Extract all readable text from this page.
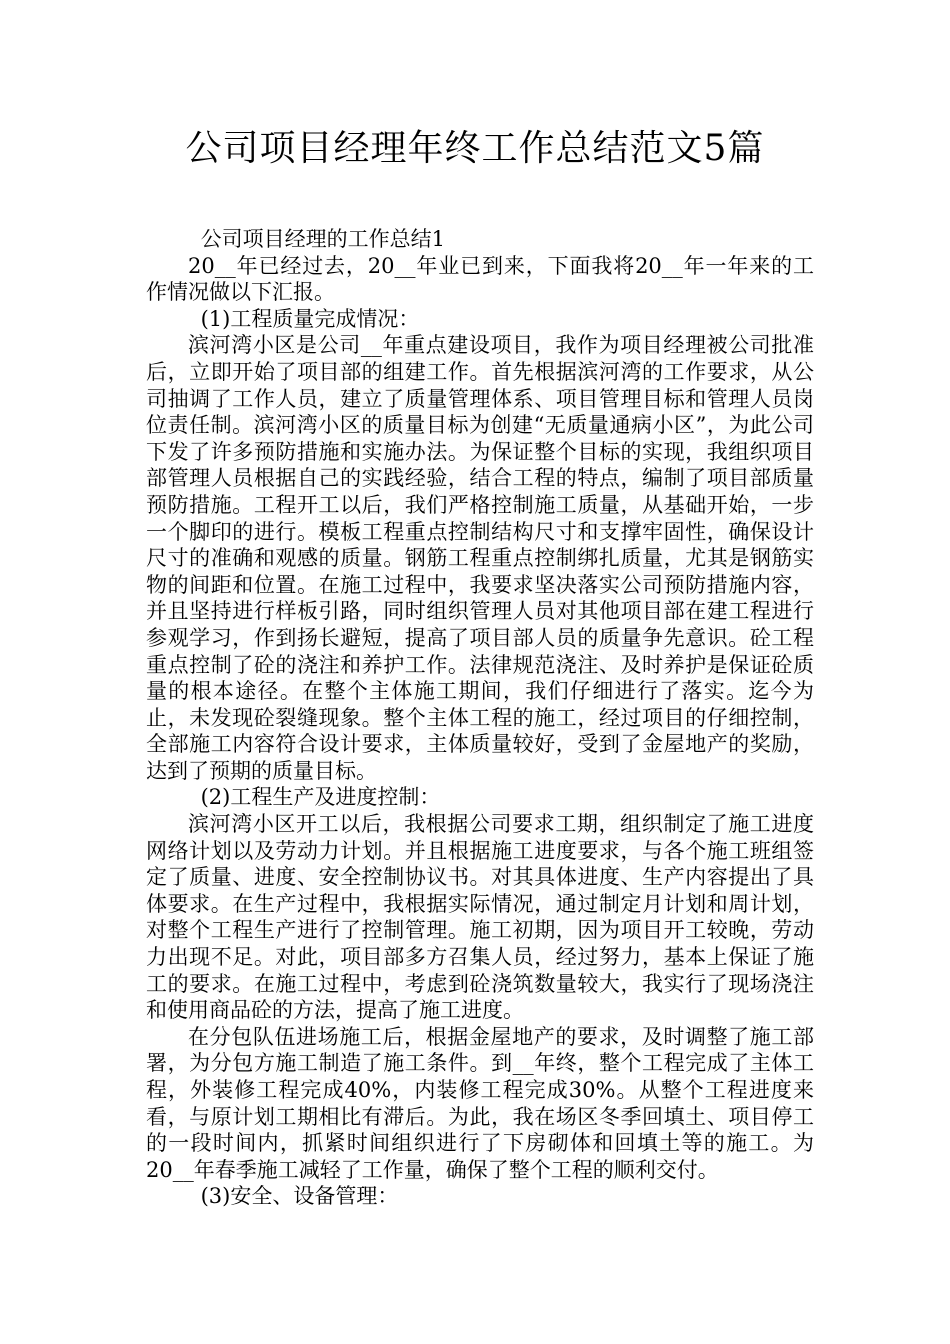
公司项目经理年终工作总结范文5篇

公司项目经理的工作总结1

20__年已经过去，20__年业已到来，下面我将20__年一年来的工作情况做以下汇报。

(1)工程质量完成情况：

滨河湾小区是公司__年重点建设项目，我作为项目经理被公司批准后，立即开始了项目部的组建工作。首先根据滨河湾的工作要求，从公司抽调了工作人员，建立了质量管理体系、项目管理目标和管理人员岗位责任制。滨河湾小区的质量目标为创建“无质量通病小区”，为此公司下发了许多预防措施和实施办法。为保证整个目标的实现，我组织项目部管理人员根据自己的实践经验，结合工程的特点，编制了项目部质量预防措施。工程开工以后，我们严格控制施工质量，从基础开始，一步一个脚印的进行。模板工程重点控制结构尺寸和支撑牢固性，确保设计尺寸的准确和观感的质量。钢筋工程重点控制绑扎质量，尤其是钢筋实物的间距和位置。在施工过程中，我要求坚决落实公司预防措施内容，并且坚持进行样板引路，同时组织管理人员对其他项目部在建工程进行参观学习，作到扬长避短，提高了项目部人员的质量争先意识。砼工程重点控制了砼的浇注和养护工作。法律规范浇注、及时养护是保证砼质量的根本途径。在整个主体施工期间，我们仔细进行了落实。迄今为止，未发现砼裂缝现象。整个主体工程的施工，经过项目的仔细控制，全部施工内容符合设计要求，主体质量较好，受到了金屋地产的奖励，达到了预期的质量目标。

(2)工程生产及进度控制：

滨河湾小区开工以后，我根据公司要求工期，组织制定了施工进度网络计划以及劳动力计划。并且根据施工进度要求，与各个施工班组签定了质量、进度、安全控制协议书。对其具体进度、生产内容提出了具体要求。在生产过程中，我根据实际情况，通过制定月计划和周计划，对整个工程生产进行了控制管理。施工初期，因为项目开工较晚，劳动力出现不足。对此，项目部多方召集人员，经过努力，基本上保证了施工的要求。在施工过程中，考虑到砼浇筑数量较大，我实行了现场浇注和使用商品砼的方法，提高了施工进度。

在分包队伍进场施工后，根据金屋地产的要求，及时调整了施工部署，为分包方施工制造了施工条件。到__年终，整个工程完成了主体工程，外装修工程完成40%，内装修工程完成30%。从整个工程进度来看，与原计划工期相比有滞后。为此，我在场区冬季回填土、项目停工的一段时间内，抓紧时间组织进行了下房砌体和回填土等的施工。为20__年春季施工减轻了工作量，确保了整个工程的顺利交付。

(3)安全、设备管理：
